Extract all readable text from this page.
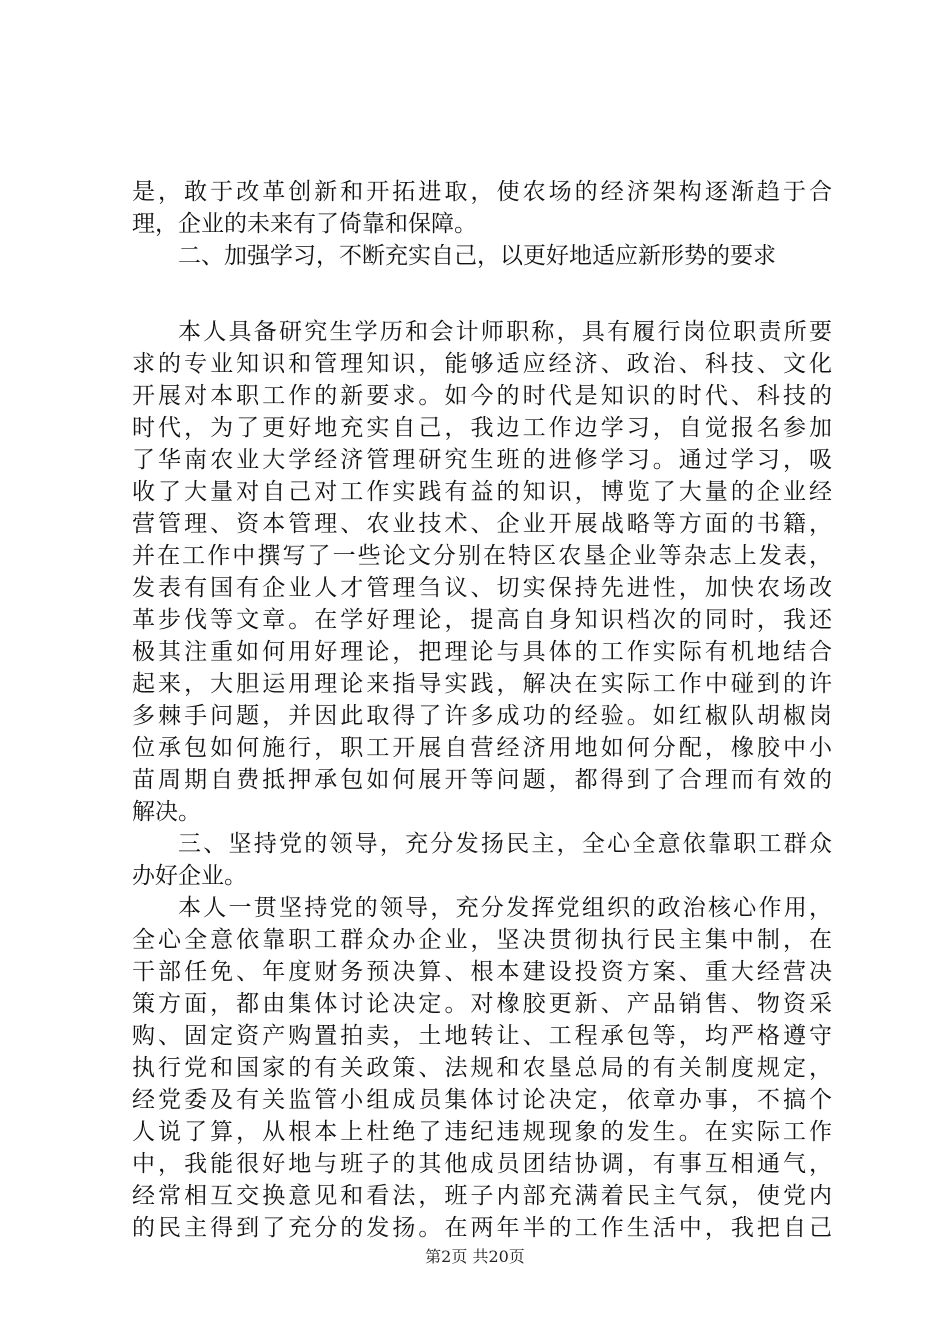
是，敢于改革创新和开拓进取，使农场的经济架构逐渐趋于合
理，企业的未来有了倚靠和保障。
二、加强学习，不断充实自己，以更好地适应新形势的要求
本人具备研究生学历和会计师职称，具有履行岗位职责所要
求的专业知识和管理知识，能够适应经济、政治、科技、文化
开展对本职工作的新要求。如今的时代是知识的时代、科技的
时代，为了更好地充实自己，我边工作边学习，自觉报名参加
了华南农业大学经济管理研究生班的进修学习。通过学习，吸
收了大量对自己对工作实践有益的知识，博览了大量的企业经
营管理、资本管理、农业技术、企业开展战略等方面的书籍，
并在工作中撰写了一些论文分别在特区农垦企业等杂志上发表，
发表有国有企业人才管理刍议、切实保持先进性，加快农场改
革步伐等文章。在学好理论，提高自身知识档次的同时，我还
极其注重如何用好理论，把理论与具体的工作实际有机地结合
起来，大胆运用理论来指导实践，解决在实际工作中碰到的许
多棘手问题，并因此取得了许多成功的经验。如红椒队胡椒岗
位承包如何施行，职工开展自营经济用地如何分配，橡胶中小
苗周期自费抵押承包如何展开等问题，都得到了合理而有效的
解决。
三、坚持党的领导，充分发扬民主，全心全意依靠职工群众
办好企业。
本人一贯坚持党的领导，充分发挥党组织的政治核心作用，
全心全意依靠职工群众办企业，坚决贯彻执行民主集中制，在
干部任免、年度财务预决算、根本建设投资方案、重大经营决
策方面，都由集体讨论决定。对橡胶更新、产品销售、物资采
购、固定资产购置拍卖，土地转让、工程承包等，均严格遵守
执行党和国家的有关政策、法规和农垦总局的有关制度规定，
经党委及有关监管小组成员集体讨论决定，依章办事，不搞个
人说了算，从根本上杜绝了违纪违规现象的发生。在实际工作
中，我能很好地与班子的其他成员团结协调，有事互相通气，
经常相互交换意见和看法，班子内部充满着民主气氛，使党内
的民主得到了充分的发扬。在两年半的工作生活中，我把自己
第2页 共20页
